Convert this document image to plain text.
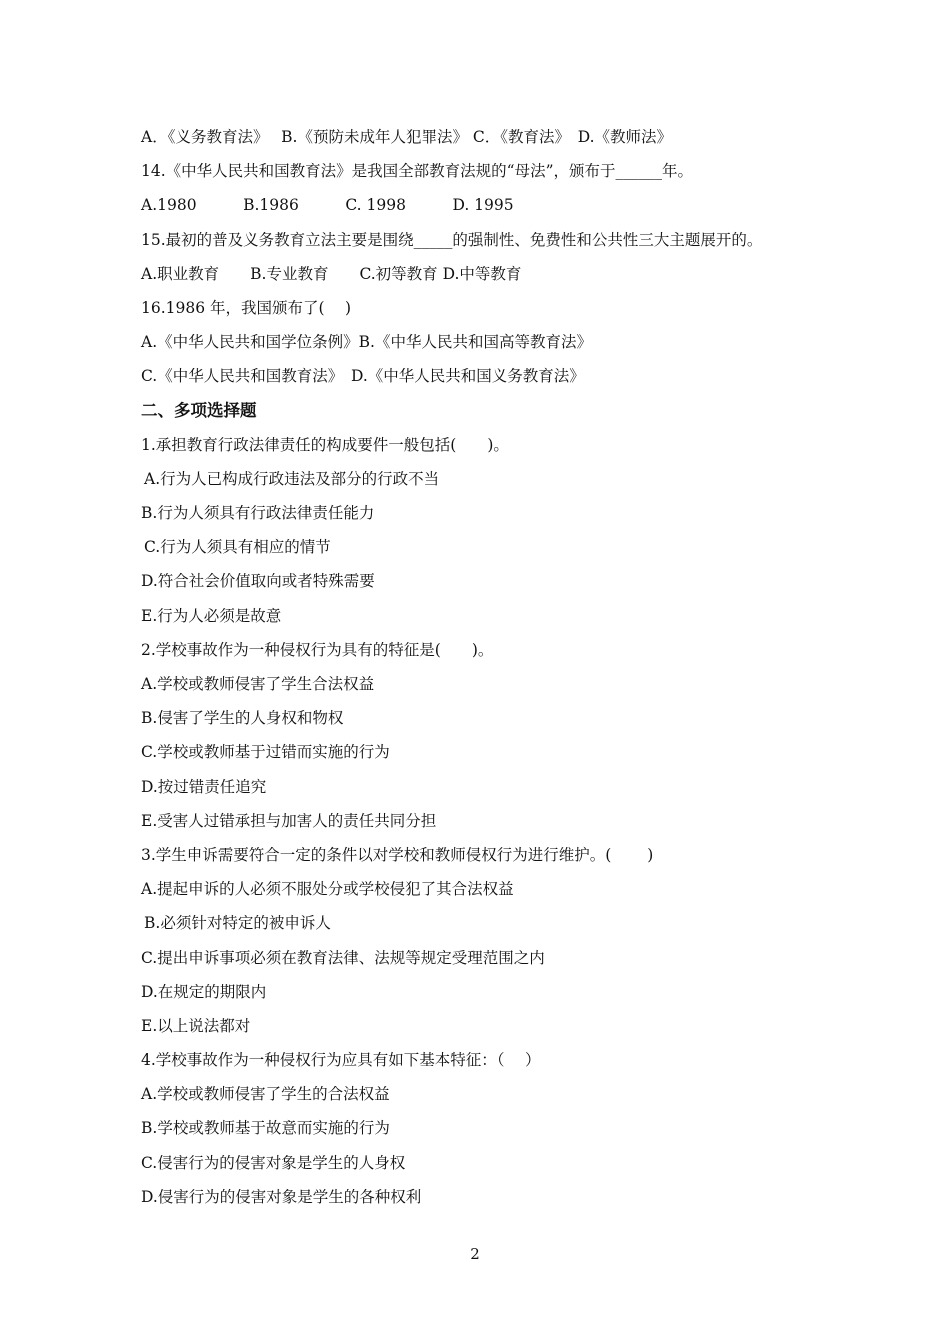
A．《义务教育法》　 B.《预防未成年人犯罪法》 C．《教育法》　D.《教师法》
14.《中华人民共和国教育法》是我国全部教育法规的“母法”，颁布于______年。
A.1980　　　B.1986　　　C. 1998　　　D. 1995
15.最初的普及义务教育立法主要是围绕_____的强制性、免费性和公共性三大主题展开的。
A.职业教育　　B.专业教育　　C.初等教育 D.中等教育
16.1986 年，我国颁布了(　 )
A.《中华人民共和国学位条例》B.《中华人民共和国高等教育法》
C.《中华人民共和国教育法》　D.《中华人民共和国义务教育法》
二、多项选择题
1.承担教育行政法律责任的构成要件一般包括(　　)。
A.行为人已构成行政违法及部分的行政不当
B.行为人须具有行政法律责任能力
C.行为人须具有相应的情节
D.符合社会价值取向或者特殊需要
E.行为人必须是故意
2.学校事故作为一种侵权行为具有的特征是(　　)。
A.学校或教师侵害了学生合法权益
B.侵害了学生的人身权和物权
C.学校或教师基于过错而实施的行为
D.按过错责任追究
E.受害人过错承担与加害人的责任共同分担
3.学生申诉需要符合一定的条件以对学校和教师侵权行为进行维护。(　　 )
A.提起申诉的人必须不服处分或学校侵犯了其合法权益
B.必须针对特定的被申诉人
C.提出申诉事项必须在教育法律、法规等规定受理范围之内
D.在规定的期限内
E.以上说法都对
4.学校事故作为一种侵权行为应具有如下基本特征：（　 ）
A.学校或教师侵害了学生的合法权益
B.学校或教师基于故意而实施的行为
C.侵害行为的侵害对象是学生的人身权
D.侵害行为的侵害对象是学生的各种权利
2
